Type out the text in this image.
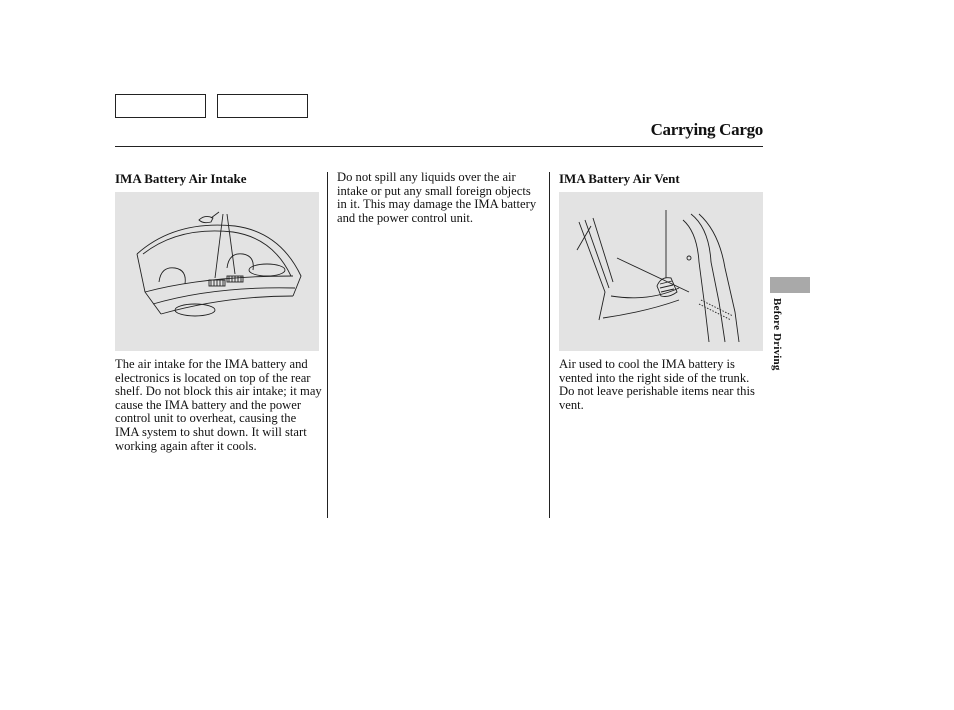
Carrying Cargo
IMA Battery Air Intake

The air intake for the IMA battery and electronics is located on top of the rear shelf. Do not block this air intake; it may cause the IMA battery and the power control unit to overheat, causing the IMA system to shut down. It will start working again after it cools.

Do not spill any liquids over the air intake or put any small foreign objects in it. This may damage the IMA battery and the power control unit.

IMA Battery Air Vent

Air used to cool the IMA battery is vented into the right side of the trunk. Do not leave perishable items near this vent.

Before Driving
